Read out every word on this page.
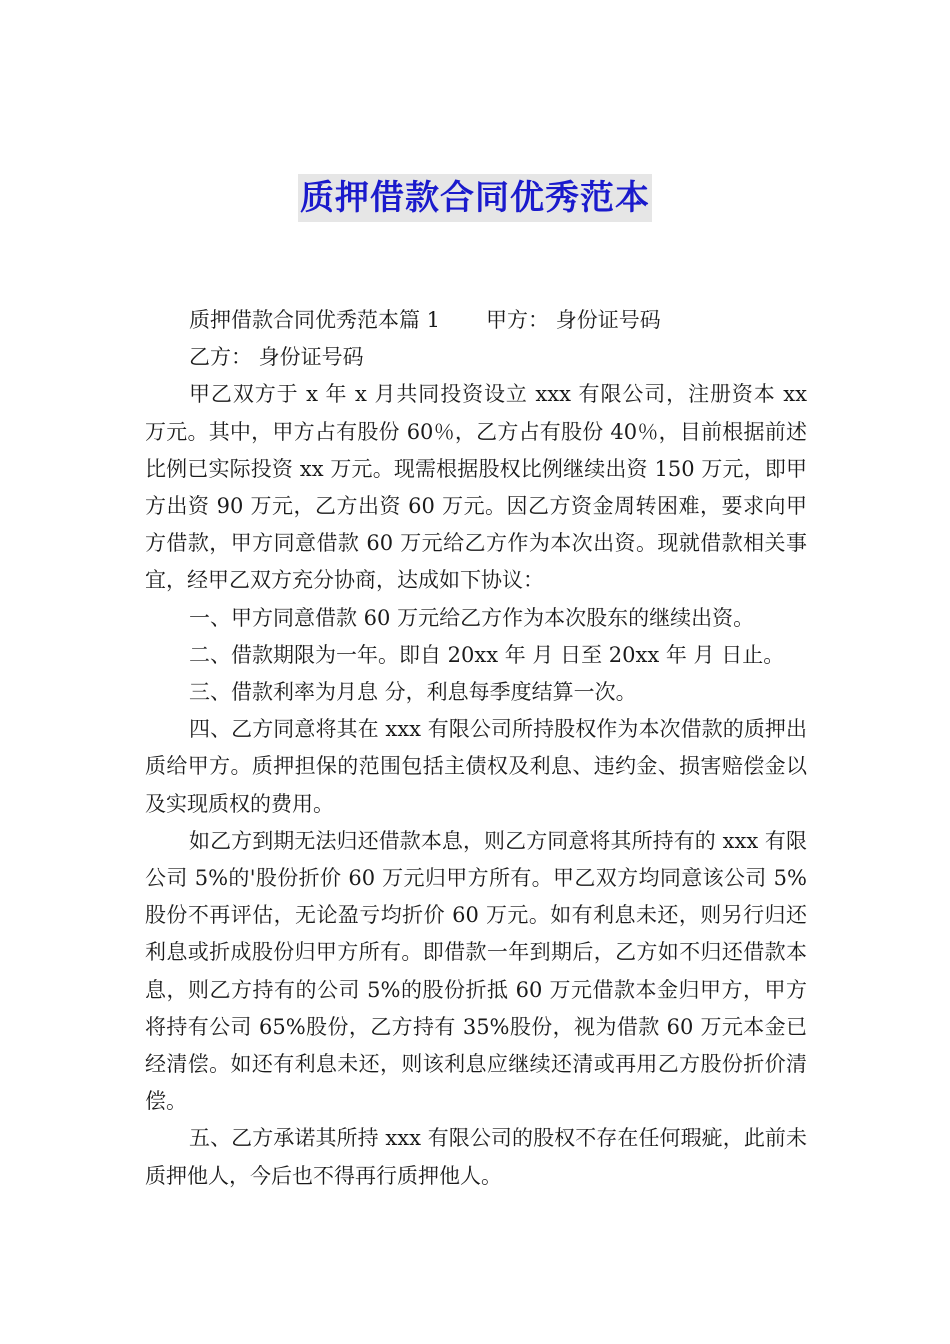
质押借款合同优秀范本

质押借款合同优秀范本篇 1 甲方： 身份证号码

乙方： 身份证号码

甲乙双方于 x 年 x 月共同投资设立 xxx 有限公司，注册资本 xx 万元。其中，甲方占有股份 60％，乙方占有股份 40％，目前根据前述比例已实际投资 xx 万元。现需根据股权比例继续出资 150 万元，即甲方出资 90 万元，乙方出资 60 万元。因乙方资金周转困难，要求向甲方借款，甲方同意借款 60 万元给乙方作为本次出资。现就借款相关事宜，经甲乙双方充分协商，达成如下协议：

一、甲方同意借款 60 万元给乙方作为本次股东的继续出资。

二、借款期限为一年。即自 20xx 年 月 日至 20xx 年 月 日止。

三、借款利率为月息 分，利息每季度结算一次。

四、乙方同意将其在 xxx 有限公司所持股权作为本次借款的质押出质给甲方。质押担保的范围包括主债权及利息、违约金、损害赔偿金以及实现质权的费用。

如乙方到期无法归还借款本息，则乙方同意将其所持有的 xxx 有限公司 5%的'股份折价 60 万元归甲方所有。甲乙双方均同意该公司 5%股份不再评估，无论盈亏均折价 60 万元。如有利息未还，则另行归还利息或折成股份归甲方所有。即借款一年到期后，乙方如不归还借款本息，则乙方持有的公司 5%的股份折抵 60 万元借款本金归甲方，甲方将持有公司 65%股份，乙方持有 35%股份，视为借款 60 万元本金已经清偿。如还有利息未还，则该利息应继续还清或再用乙方股份折价清偿。

五、乙方承诺其所持 xxx 有限公司的股权不存在任何瑕疵，此前未质押他人，今后也不得再行质押他人。
